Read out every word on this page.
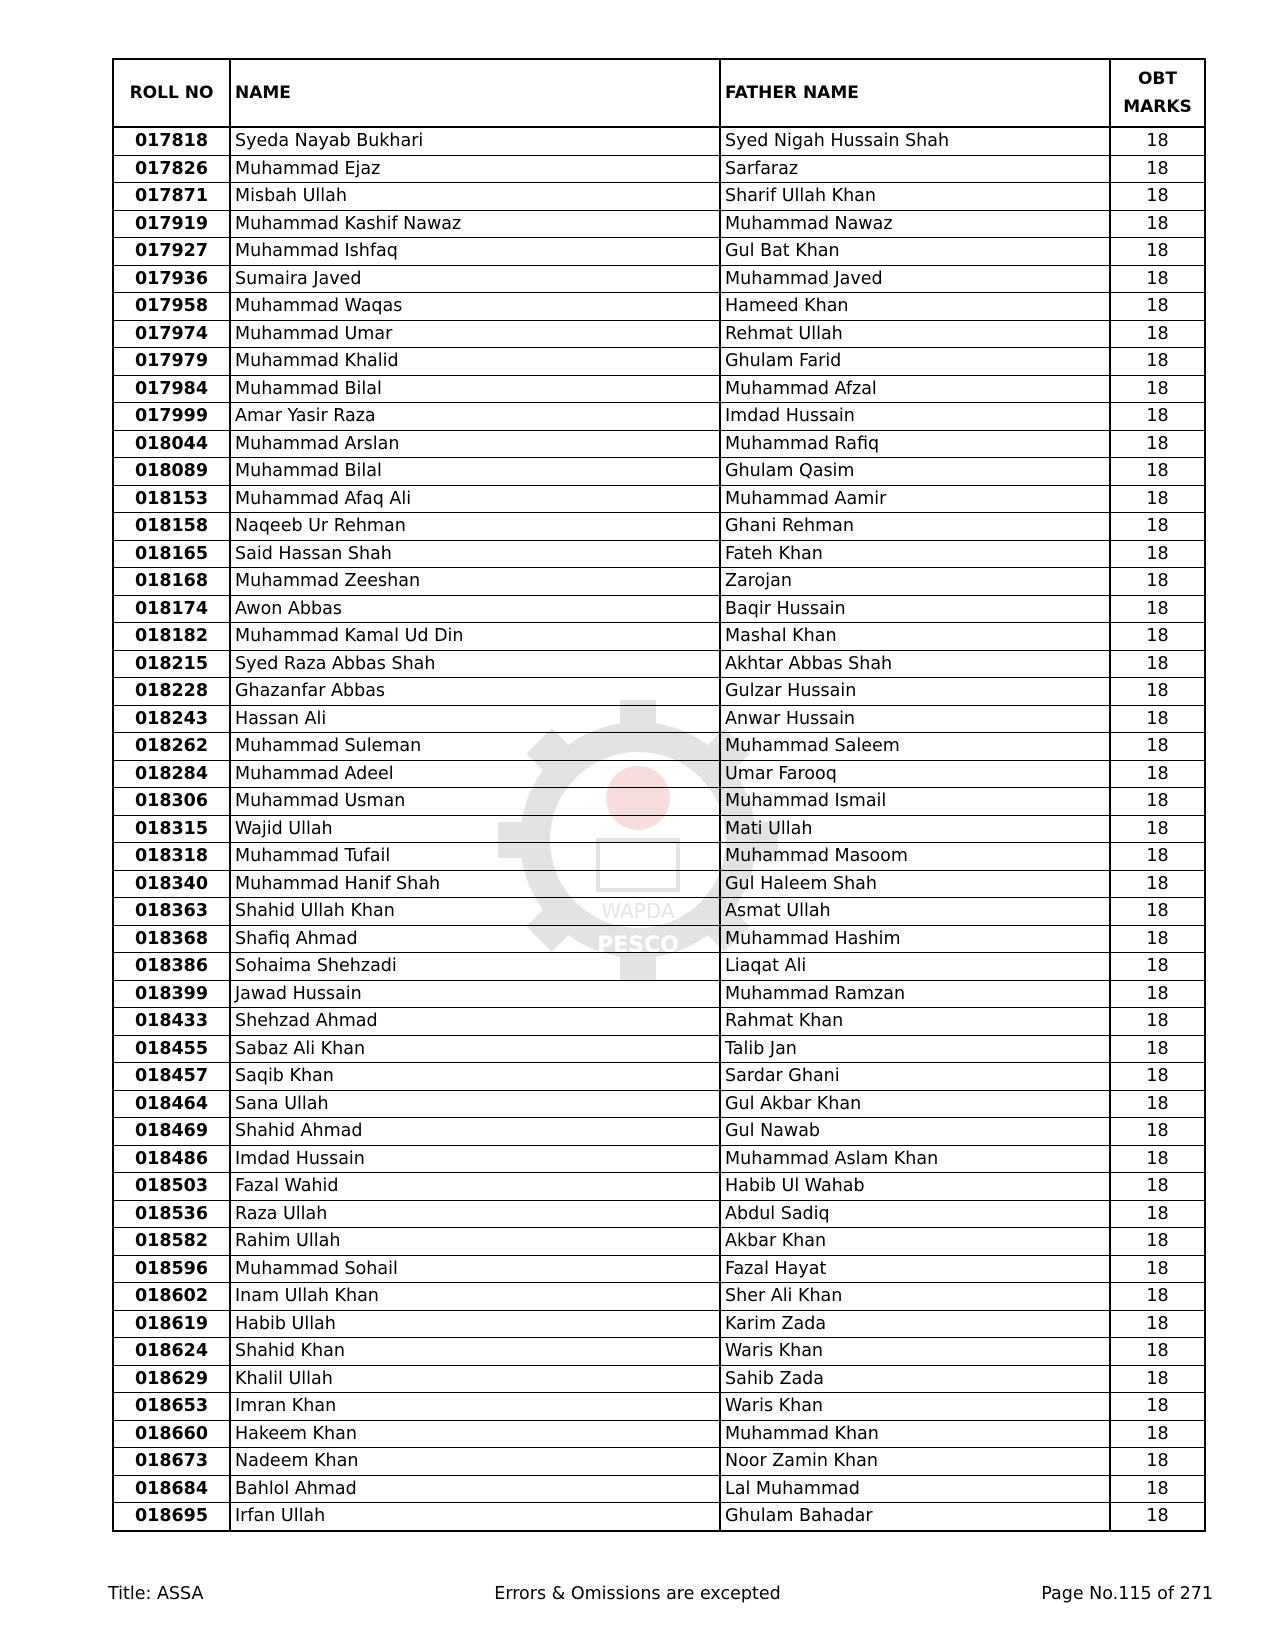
WAPDA
PESCO
ROLL NO	NAME	FATHER NAME	OBT
MARKS

017818	Syeda Nayab Bukhari	Syed Nigah Hussain Shah	18
017826	Muhammad Ejaz	Sarfaraz	18
017871	Misbah Ullah	Sharif Ullah Khan	18
017919	Muhammad Kashif Nawaz	Muhammad Nawaz	18
017927	Muhammad Ishfaq	Gul Bat Khan	18
017936	Sumaira Javed	Muhammad Javed	18
017958	Muhammad Waqas	Hameed Khan	18
017974	Muhammad Umar	Rehmat Ullah	18
017979	Muhammad Khalid	Ghulam Farid	18
017984	Muhammad Bilal	Muhammad Afzal	18
017999	Amar Yasir Raza	Imdad Hussain	18
018044	Muhammad Arslan	Muhammad Rafiq	18
018089	Muhammad Bilal	Ghulam Qasim	18
018153	Muhammad Afaq Ali	Muhammad Aamir	18
018158	Naqeeb Ur Rehman	Ghani Rehman	18
018165	Said Hassan Shah	Fateh Khan	18
018168	Muhammad Zeeshan	Zarojan	18
018174	Awon Abbas	Baqir Hussain	18
018182	Muhammad Kamal Ud Din	Mashal Khan	18
018215	Syed Raza Abbas Shah	Akhtar Abbas Shah	18
018228	Ghazanfar Abbas	Gulzar Hussain	18
018243	Hassan Ali	Anwar Hussain	18
018262	Muhammad Suleman	Muhammad Saleem	18
018284	Muhammad Adeel	Umar Farooq	18
018306	Muhammad Usman	Muhammad Ismail	18
018315	Wajid Ullah	Mati Ullah	18
018318	Muhammad Tufail	Muhammad Masoom	18
018340	Muhammad Hanif Shah	Gul Haleem Shah	18
018363	Shahid Ullah Khan	Asmat Ullah	18
018368	Shafiq Ahmad	Muhammad Hashim	18
018386	Sohaima Shehzadi	Liaqat Ali	18
018399	Jawad Hussain	Muhammad Ramzan	18
018433	Shehzad Ahmad	Rahmat Khan	18
018455	Sabaz Ali Khan	Talib Jan	18
018457	Saqib Khan	Sardar Ghani	18
018464	Sana Ullah	Gul Akbar Khan	18
018469	Shahid Ahmad	Gul Nawab	18
018486	Imdad Hussain	Muhammad Aslam Khan	18
018503	Fazal Wahid	Habib Ul Wahab	18
018536	Raza Ullah	Abdul Sadiq	18
018582	Rahim Ullah	Akbar Khan	18
018596	Muhammad Sohail	Fazal Hayat	18
018602	Inam Ullah Khan	Sher Ali Khan	18
018619	Habib Ullah	Karim Zada	18
018624	Shahid Khan	Waris Khan	18
018629	Khalil Ullah	Sahib Zada	18
018653	Imran Khan	Waris Khan	18
018660	Hakeem Khan	Muhammad Khan	18
018673	Nadeem Khan	Noor Zamin Khan	18
018684	Bahlol Ahmad	Lal Muhammad	18
018695	Irfan Ullah	Ghulam Bahadar	18
Title: ASSA	Errors & Omissions are excepted	Page No.115 of 271
